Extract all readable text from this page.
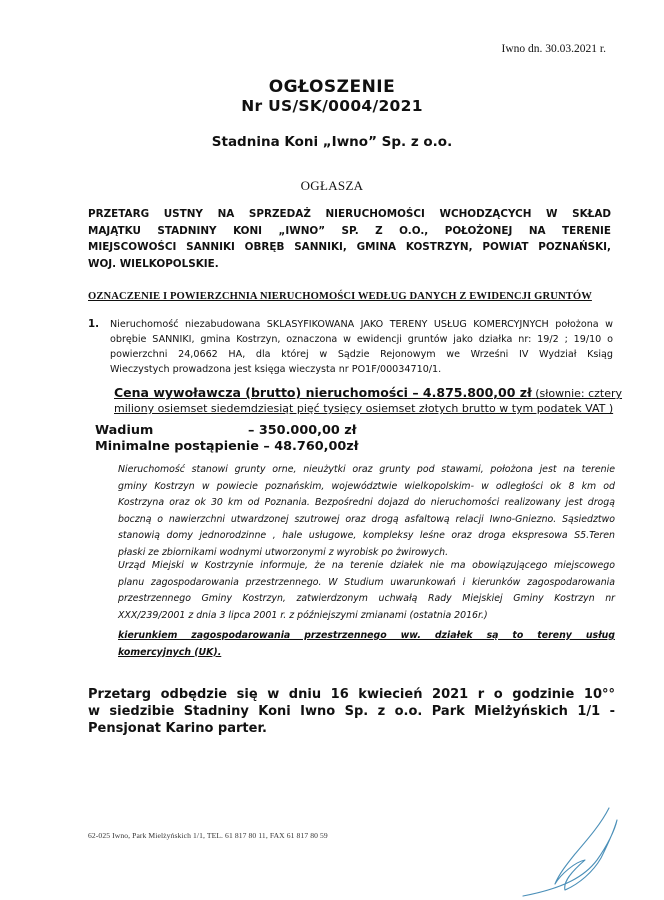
Iwno dn. 30.03.2021 r.
OGŁOSZENIE
Nr US/SK/0004/2021
Stadnina Koni „Iwno” Sp. z o.o.
OGŁASZA
PRZETARG USTNY NA SPRZEDAŻ NIERUCHOMOŚCI WCHODZĄCYCH W SKŁAD
MAJĄTKU STADNINY KONI „IWNO” SP. Z O.O., POŁOŻONEJ NA TERENIE
MIEJSCOWOŚCI SANNIKI OBRĘB SANNIKI, GMINA KOSTRZYN, POWIAT POZNAŃSKI,
WOJ. WIELKOPOLSKIE.
OZNACZENIE I POWIERZCHNIA NIERUCHOMOŚCI WEDŁUG DANYCH Z EWIDENCJI GRUNTÓW
1. Nieruchomość niezabudowana SKLASYFIKOWANA JAKO TERENY USŁUG KOMERCYJNYCH położona w
obrębie SANNIKI, gmina Kostrzyn, oznaczona w ewidencji gruntów jako działka nr: 19/2 ; 19/10 o
powierzchni 24,0662 HA, dla której w Sądzie Rejonowym we Wrześni IV Wydział Ksiąg
Wieczystych prowadzona jest księga wieczysta nr PO1F/00034710/1.
Cena wywoławcza (brutto) nieruchomości – 4.875.800,00 zł (słownie: cztery
miliony osiemset siedemdziesiąt pięć tysięcy osiemset złotych brutto w tym podatek VAT )
Wadium	– 350.000,00 zł
Minimalne postąpienie – 48.760,00zł
Nieruchomość stanowi grunty orne, nieużytki oraz grunty pod stawami, położona jest na terenie
gminy Kostrzyn w powiecie poznańskim, województwie wielkopolskim- w odległości ok 8 km od
Kostrzyna oraz ok 30 km od Poznania. Bezpośredni dojazd do nieruchomości realizowany jest drogą
boczną o nawierzchni utwardzonej szutrowej oraz drogą asfaltową relacji Iwno-Gniezno. Sąsiedztwo
stanowią domy jednorodzinne , hale usługowe, kompleksy leśne oraz droga ekspresowa S5.Teren
płaski ze zbiornikami wodnymi utworzonymi z wyrobisk po żwirowych.
Urząd Miejski w Kostrzynie informuje, że na terenie działek nie ma obowiązującego miejscowego
planu zagospodarowania przestrzennego. W Studium uwarunkowań i kierunków zagospodarowania
przestrzennego Gminy Kostrzyn, zatwierdzonym uchwałą Rady Miejskiej Gminy Kostrzyn nr
XXX/239/2001 z dnia 3 lipca 2001 r. z późniejszymi zmianami (ostatnia 2016r.)
kierunkiem zagospodarowania przestrzennego ww. działek są to tereny usług
komercyjnych (UK).
Przetarg odbędzie się w dniu 16 kwiecień 2021 r o godzinie 10°°
w siedzibie Stadniny Koni Iwno Sp. z o.o. Park Mielżyńskich 1/1 -
Pensjonat Karino parter.
62-025 Iwno, Park Mielżyńskich 1/1, TEL. 61 817 80 11, FAX 61 817 80 59
